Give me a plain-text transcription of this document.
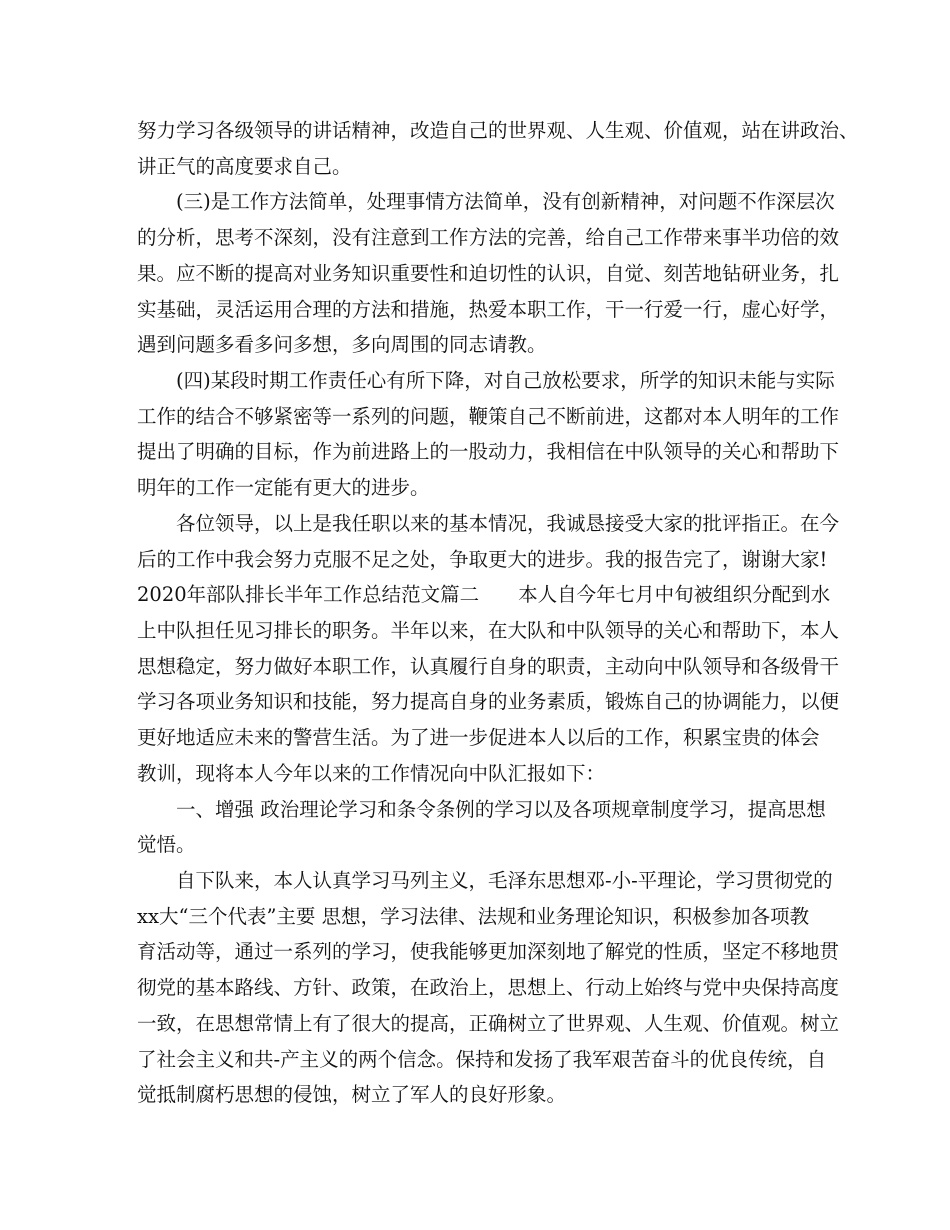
努力学习各级领导的讲话精神，改造自己的世界观、人生观、价值观，站在讲政治、
讲正气的高度要求自己。
(三)是工作方法简单，处理事情方法简单，没有创新精神，对问题不作深层次
的分析，思考不深刻，没有注意到工作方法的完善，给自己工作带来事半功倍的效
果。应不断的提高对业务知识重要性和迫切性的认识，自觉、刻苦地钻研业务，扎
实基础，灵活运用合理的方法和措施，热爱本职工作，干一行爱一行，虚心好学，
遇到问题多看多问多想，多向周围的同志请教。
(四)某段时期工作责任心有所下降，对自己放松要求，所学的知识未能与实际
工作的结合不够紧密等一系列的问题，鞭策自己不断前进，这都对本人明年的工作
提出了明确的目标，作为前进路上的一股动力，我相信在中队领导的关心和帮助下
明年的工作一定能有更大的进步。
各位领导，以上是我任职以来的基本情况，我诚恳接受大家的批评指正。在今
后的工作中我会努力克服不足之处，争取更大的进步。我的报告完了，谢谢大家!
2020年部队排长半年工作总结范文篇二　　本人自今年七月中旬被组织分配到水
上中队担任见习排长的职务。半年以来，在大队和中队领导的关心和帮助下，本人
思想稳定，努力做好本职工作，认真履行自身的职责，主动向中队领导和各级骨干
学习各项业务知识和技能，努力提高自身的业务素质，锻炼自己的协调能力，以便
更好地适应未来的警营生活。为了进一步促进本人以后的工作，积累宝贵的体会
教训，现将本人今年以来的工作情况向中队汇报如下：
一、增强 政治理论学习和条令条例的学习以及各项规章制度学习，提高思想
觉悟。
自下队来，本人认真学习马列主义，毛泽东思想邓-小-平理论，学习贯彻党的
xx大“三个代表”主要 思想，学习法律、法规和业务理论知识，积极参加各项教
育活动等，通过一系列的学习，使我能够更加深刻地了解党的性质，坚定不移地贯
彻党的基本路线、方针、政策，在政治上，思想上、行动上始终与党中央保持高度
一致，在思想常情上有了很大的提高，正确树立了世界观、人生观、价值观。树立
了社会主义和共-产主义的两个信念。保持和发扬了我军艰苦奋斗的优良传统，自
觉抵制腐朽思想的侵蚀，树立了军人的良好形象。
